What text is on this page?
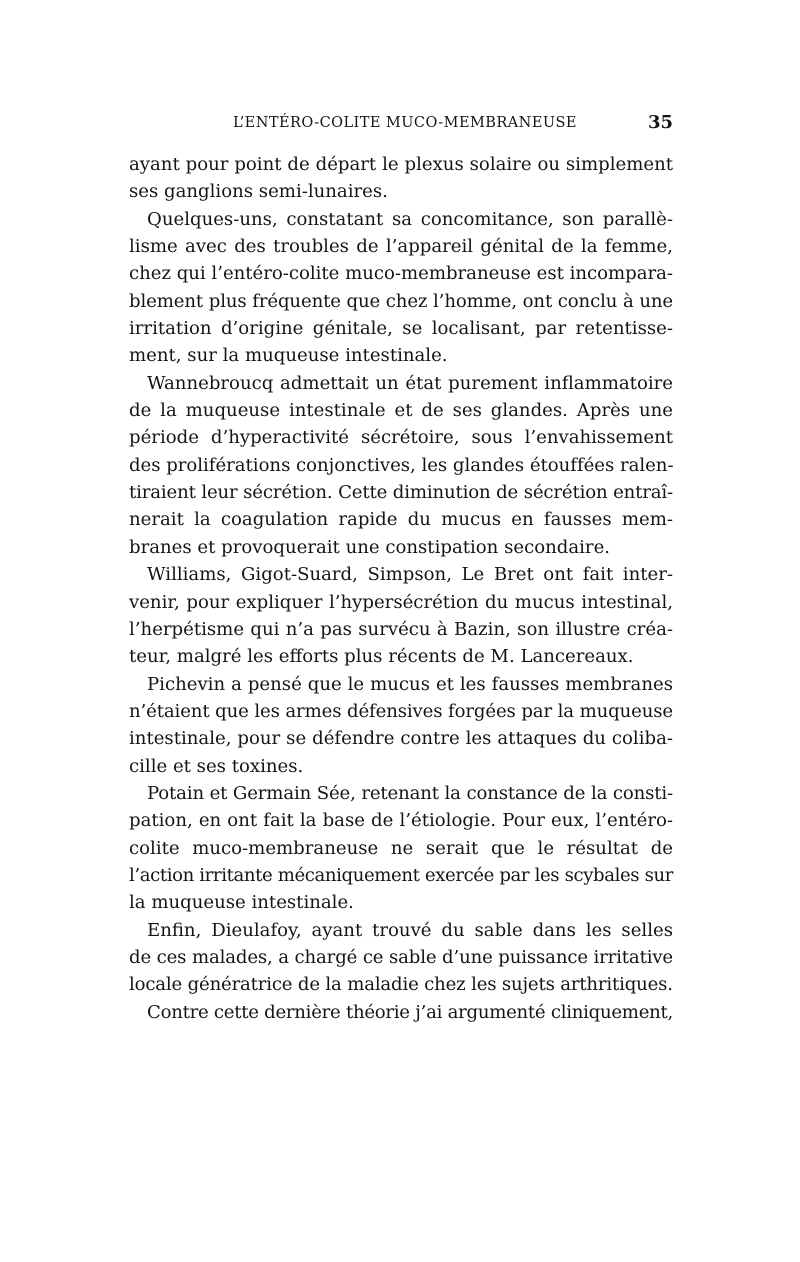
L’ENTÉRO-COLITE MUCO-MEMBRANEUSE	35
ayant pour point de départ le plexus solaire ou simplement
ses ganglions semi-lunaires.
Quelques-uns, constatant sa concomitance, son parallè-
lisme avec des troubles de l’appareil génital de la femme,
chez qui l’entéro-colite muco-membraneuse est incompara-
blement plus fréquente que chez l’homme, ont conclu à une
irritation d’origine génitale, se localisant, par retentisse-
ment, sur la muqueuse intestinale.
Wannebroucq admettait un état purement inflammatoire
de la muqueuse intestinale et de ses glandes. Après une
période d’hyperactivité sécrétoire, sous l’envahissement
des proliférations conjonctives, les glandes étouffées ralen-
tiraient leur sécrétion. Cette diminution de sécrétion entraî-
nerait la coagulation rapide du mucus en fausses mem-
branes et provoquerait une constipation secondaire.
Williams, Gigot-Suard, Simpson, Le Bret ont fait inter-
venir, pour expliquer l’hypersécrétion du mucus intestinal,
l’herpétisme qui n’a pas survécu à Bazin, son illustre créa-
teur, malgré les efforts plus récents de M. Lancereaux.
Pichevin a pensé que le mucus et les fausses membranes
n’étaient que les armes défensives forgées par la muqueuse
intestinale, pour se défendre contre les attaques du coliba-
cille et ses toxines.
Potain et Germain Sée, retenant la constance de la consti-
pation, en ont fait la base de l’étiologie. Pour eux, l’entéro-
colite muco-membraneuse ne serait que le résultat de
l’action irritante mécaniquement exercée par les scybales sur
la muqueuse intestinale.
Enfin, Dieulafoy, ayant trouvé du sable dans les selles
de ces malades, a chargé ce sable d’une puissance irritative
locale génératrice de la maladie chez les sujets arthritiques.
Contre cette dernière théorie j’ai argumenté cliniquement,
